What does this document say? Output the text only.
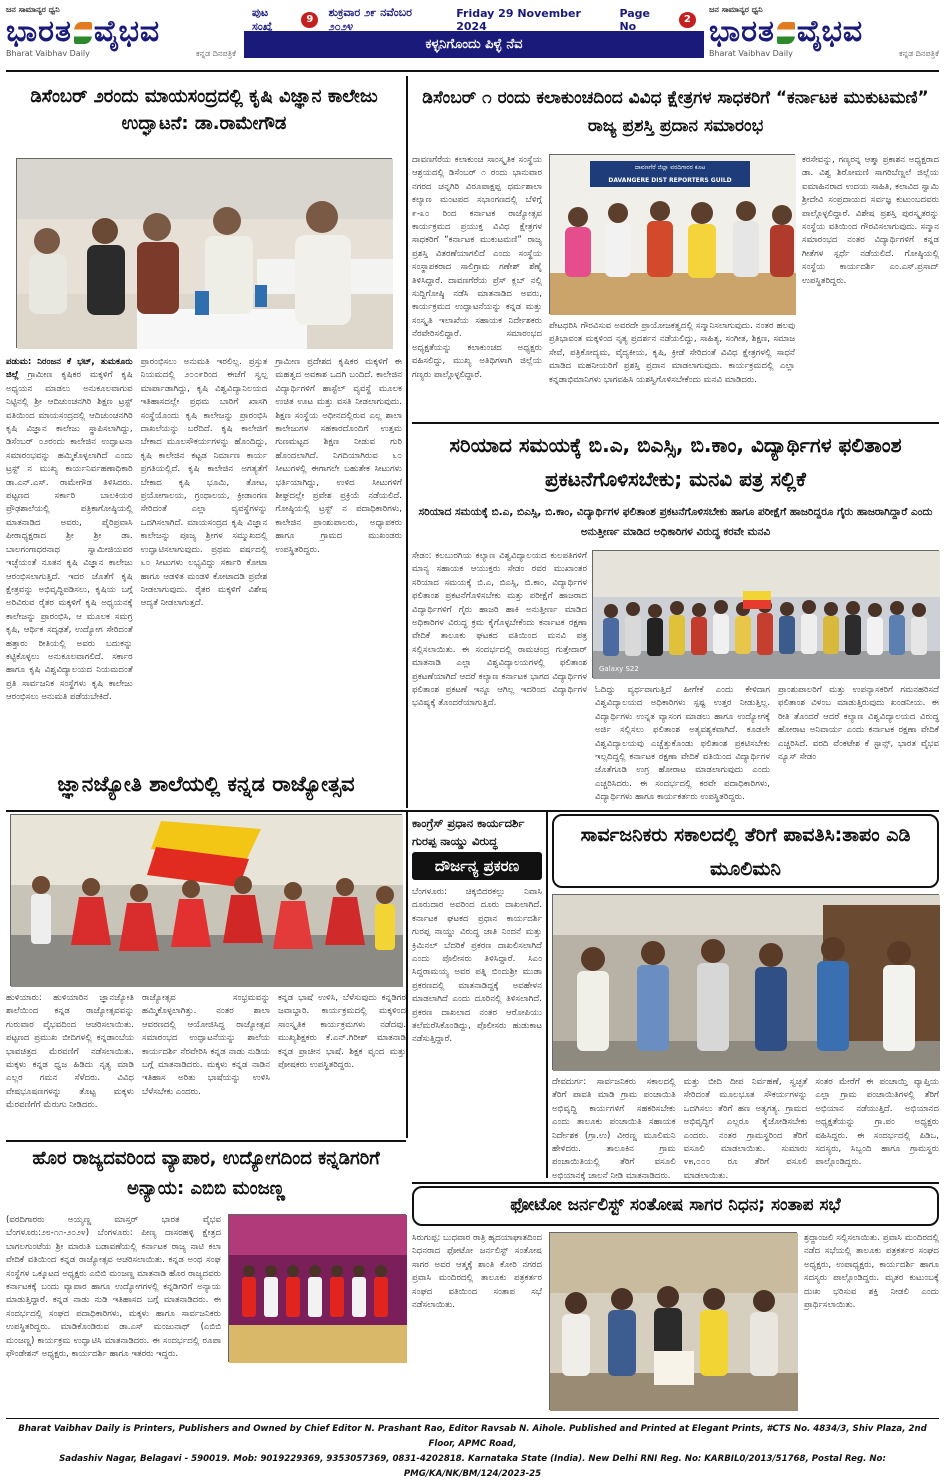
ಜನ ಸಾಮಾನ್ಯರ ಧ್ವನಿ
ಭಾರತ ವೈಭವ
Bharat Vaibhav Daily	ಕನ್ನಡ ದಿನಪತ್ರಿಕೆ
ಪುಟ ಸಂಖ್ಯೆ
9
ಶುಕ್ರವಾರ ೨೯ ನವೆಂಬರ ೨೦೨೪
Friday 29 November 2024
Page No
2
ಕಳ್ಳನಿಗೊಂದು ಪಿಳ್ಳೆ ನೆವ
ಜನ ಸಾಮಾನ್ಯರ ಧ್ವನಿ
ಭಾರತ ವೈಭವ
Bharat Vaibhav Daily	ಕನ್ನಡ ದಿನಪತ್ರಿಕೆ
ಡಿಸೆಂಬರ್ ೨ರಂದು ಮಾಯಸಂದ್ರದಲ್ಲಿ ಕೃಷಿ ವಿಜ್ಞಾನ ಕಾಲೇಜು ಉದ್ಘಾಟನೆ: ಡಾ.ರಾಮೇಗೌಡ
ಪಡುಮ: ನಿರಂಜನ ಕೆ ಭಟ್, ತುಮಕೂರು ಜಿಲ್ಲೆ ಗ್ರಾಮೀಣ ಕೃಷಿಕರ ಮಕ್ಕಳಿಗೆ ಕೃಷಿ ಅಧ್ಯಯನ ಮಾಡಲು ಅನುಕೂಲವಾಗುವ ನಿಟ್ಟಿನಲ್ಲಿ ಶ್ರೀ ಆದಿಚುಂಚನಗಿರಿ ಶಿಕ್ಷಣ ಟ್ರಸ್ಟ್ ವತಿಯಿಂದ ಮಾಯಸಂದ್ರದಲ್ಲಿ ಆದಿಚುಂಚನಗಿರಿ ಕೃಷಿ ವಿಜ್ಞಾನ ಕಾಲೇಜು ಸ್ಥಾಪಿಸಲಾಗಿದ್ದು, ಡಿಸೆಂಬರ್ ೦೨ರಂದು ಕಾಲೇಜಿನ ಉದ್ಘಾಟನಾ ಸಮಾರಂಭವನ್ನು ಹಮ್ಮಿಕೊಳ್ಳಲಾಗಿದೆ ಎಂದು ಟ್ರಸ್ಟ್ ನ ಮುಖ್ಯ ಕಾರ್ಯನಿರ್ವಹಣಾಧಿಕಾರಿ ಡಾ.ಎನ್.ಎಸ್. ರಾಮೇಗೌಡ ತಿಳಿಸಿದರು. ಪಟ್ಟಣದ ಸರ್ಕಾರಿ ಬಾಲಕಿಯರ ಪ್ರೌಢಶಾಲೆಯಲ್ಲಿ ಪತ್ರಿಕಾಗೋಷ್ಠಿಯಲ್ಲಿ ಮಾತನಾಡಿದ ಅವರು, ಪೈರಿಪ್ರವಾಸಿ ಪೀಠಾಧ್ಯಕ್ಷರಾದ ಶ್ರೀ ಶ್ರೀ ಡಾ. ಬಾಲಗಂಗಾಧರನಾಥ ಸ್ವಾಮೀಜಿಯವರ ಇಚ್ಛೆಯಂತೆ ನೂತನ ಕೃಷಿ ವಿಜ್ಞಾನ ಕಾಲೇಜು ಆರಂಭಿಸಲಾಗುತ್ತಿದೆ. ಇದರ ಜೊತೆಗೆ ಕೃಷಿ ಕ್ಷೇತ್ರವನ್ನು ಅಭಿವೃದ್ಧಿಪಡಿಸಲು, ಕೃಷಿಯ ಬಗ್ಗೆ ಅರಿವಿರುವ ರೈತರ ಮಕ್ಕಳಿಗೆ ಕೃಷಿ ಅಧ್ಯಯನಕ್ಕೆ ಕಾಲೇಜನ್ನು ಪ್ರಾರಂಭಿಸಿ, ಆ ಮೂಲಕ ಸಮಗ್ರ ಕೃಷಿ, ಆರ್ಥಿಕ ಸದೃಢತೆ, ಉದ್ಯೋಗ ಸೇರಿದಂತೆ ಹತ್ತಾರು ರೀತಿಯಲ್ಲಿ ಅವರು ಬದುಕನ್ನು ಕಟ್ಟಿಕೊಳ್ಳಲು ಅನುಕೂಲವಾಗಲಿದೆ. ಸರ್ಕಾರ ಹಾಗೂ ಕೃಷಿ ವಿಶ್ವವಿದ್ಯಾಲಯದ ನಿಯಮದಂತೆ ಪ್ರತಿ ಸಾರ್ವಜನಿಕ ಸಂಸ್ಥೆಗಳು ಕೃಷಿ ಕಾಲೇಜು ಆರಂಭಿಸಲು ಅನುಮತಿ ಪಡೆಯಬೇಕಿದೆ.
ಪ್ರಾರಂಭಿಸಲು ಅನುಮತಿ ಇರಲಿಲ್ಲ. ಪ್ರಸ್ತುತ ನಿಯಮದಲ್ಲಿ ೨೦೦೯ರಿಂದ ಈಚೆಗೆ ಸ್ವಲ್ಪ ಮಾರ್ಪಾಡಾಗಿದ್ದು, ಕೃಷಿ ವಿಶ್ವವಿದ್ಯಾನಿಲಯದ ಇತಿಹಾಸದಲ್ಲೇ ಪ್ರಥಮ ಬಾರಿಗೆ ಖಾಸಗಿ ಸಂಸ್ಥೆಯೊಂದು ಕೃಷಿ ಕಾಲೇಜನ್ನು ಪ್ರಾರಂಭಿಸಿ ದಾಖಲೆಯನ್ನು ಬರೆದಿದೆ. ಕೃಷಿ ಕಾಲೇಜಿಗೆ ಬೇಕಾದ ಮೂಲಸೌಕರ್ಯಗಳನ್ನು ಹೊಂದಿದ್ದು, ಕೃಷಿ ಕಾಲೇಜಿನ ಕಟ್ಟಡ ನಿರ್ಮಾಣ ಕಾರ್ಯ ಪ್ರಗತಿಯಲ್ಲಿದೆ. ಕೃಷಿ ಕಾಲೇಜಿನ ಅಗತ್ಯತೆಗೆ ಬೇಕಾದ ಕೃಷಿ ಭೂಮಿ, ತೋಟ, ಪ್ರಯೋಗಾಲಯ, ಗ್ರಂಥಾಲಯ, ಕ್ರೀಡಾಂಗಣ ಸೇರಿದಂತೆ ಎಲ್ಲಾ ವ್ಯವಸ್ಥೆಗಳನ್ನು ಒದಗಿಸಲಾಗಿದೆ. ಮಾಯಸಂದ್ರದ ಕೃಷಿ ವಿಜ್ಞಾನ ಕಾಲೇಜನ್ನು ಪೂಜ್ಯ ಶ್ರೀಗಳ ಸಮ್ಮುಖದಲ್ಲಿ ಉದ್ಘಾಟಿಸಲಾಗುವುದು. ಪ್ರಥಮ ವರ್ಷದಲ್ಲಿ ೬೦ ಸೀಟುಗಳು ಲಭ್ಯವಿದ್ದು ಸರ್ಕಾರಿ ಕೋಟಾ ಹಾಗೂ ಆಡಳಿತ ಮಂಡಳಿ ಕೋಟಾದಡಿ ಪ್ರವೇಶ ನೀಡಲಾಗುವುದು. ರೈತರ ಮಕ್ಕಳಿಗೆ ವಿಶೇಷ ಆದ್ಯತೆ ನೀಡಲಾಗುತ್ತದೆ.
ಗ್ರಾಮೀಣ ಪ್ರದೇಶದ ಕೃಷಿಕರ ಮಕ್ಕಳಿಗೆ ಈ ಮಹತ್ವದ ಅವಕಾಶ ಒದಗಿ ಬಂದಿದೆ. ಕಾಲೇಜಿನ ವಿದ್ಯಾರ್ಥಿಗಳಿಗೆ ಹಾಸ್ಟೆಲ್ ವ್ಯವಸ್ಥೆ ಮೂಲಕ ಉಚಿತ ಊಟ ಮತ್ತು ವಸತಿ ನೀಡಲಾಗುವುದು. ಶಿಕ್ಷಣ ಸಂಸ್ಥೆಯ ಅಧೀನದಲ್ಲಿರುವ ಎಲ್ಲ ಶಾಲಾ ಕಾಲೇಜುಗಳ ಸಹಕಾರದೊಂದಿಗೆ ಉತ್ತಮ ಗುಣಮಟ್ಟದ ಶಿಕ್ಷಣ ನೀಡುವ ಗುರಿ ಹೊಂದಲಾಗಿದೆ. ನಿಗದಿಯಾಗಿರುವ ೬೦ ಸೀಟುಗಳಲ್ಲಿ ಈಗಾಗಲೇ ಬಹುತೇಕ ಸೀಟುಗಳು ಭರ್ತಿಯಾಗಿದ್ದು, ಉಳಿದ ಸೀಟುಗಳಿಗೆ ಶೀಘ್ರದಲ್ಲೇ ಪ್ರವೇಶ ಪ್ರಕ್ರಿಯೆ ನಡೆಯಲಿದೆ. ಗೋಷ್ಠಿಯಲ್ಲಿ ಟ್ರಸ್ಟ್ ನ ಪದಾಧಿಕಾರಿಗಳು, ಕಾಲೇಜಿನ ಪ್ರಾಂಶುಪಾಲರು, ಅಧ್ಯಾಪಕರು ಹಾಗೂ ಗ್ರಾಮದ ಮುಖಂಡರು ಉಪಸ್ಥಿತರಿದ್ದರು.
ಡಿಸೆಂಬರ್ ೧ ರಂದು ಕಲಾಕುಂಚದಿಂದ ವಿವಿಧ ಕ್ಷೇತ್ರಗಳ ಸಾಧಕರಿಗೆ “ಕರ್ನಾಟಕ ಮುಕುಟಮಣಿ” ರಾಜ್ಯ ಪ್ರಶಸ್ತಿ ಪ್ರದಾನ ಸಮಾರಂಭ
ದಾವಣಗೆರೆಯ ಕಲಾಕುಂಚ ಸಾಂಸ್ಕೃತಿಕ ಸಂಸ್ಥೆಯ ಆಶ್ರಯದಲ್ಲಿ ಡಿಸೆಂಬರ್ ೧ ರಂದು ಭಾನುವಾರ ನಗರದ ಚನ್ನಗಿರಿ ವಿರೂಪಾಕ್ಷಪ್ಪ ಧರ್ಮಶಾಲಾ ಕಲ್ಯಾಣ ಮಂಟಪದ ಸಭಾಂಗಣದಲ್ಲಿ ಬೆಳಿಗ್ಗೆ ೯-೩೦ ರಿಂದ ಕರ್ನಾಟಕ ರಾಜ್ಯೋತ್ಸವ ಕಾರ್ಯಕ್ರಮದ ಪ್ರಯುಕ್ತ ವಿವಿಧ ಕ್ಷೇತ್ರಗಳ ಸಾಧಕರಿಗೆ “ಕರ್ನಾಟಕ ಮುಕುಟಮಣಿ” ರಾಜ್ಯ ಪ್ರಶಸ್ತಿ ವಿತರಣೆಯಾಗಲಿದೆ ಎಂದು ಸಂಸ್ಥೆಯ ಸಂಸ್ಥಾಪಕರಾದ ಸಾಲಿಗ್ರಾಮ ಗಣೇಶ್ ಶೆಣೈ ತಿಳಿಸಿದ್ದಾರೆ. ದಾವಣಗೆರೆಯ ಪ್ರೆಸ್ ಕ್ಲಬ್ ನಲ್ಲಿ ಸುದ್ದಿಗೋಷ್ಠಿ ನಡೆಸಿ ಮಾತನಾಡಿದ ಅವರು, ಕಾರ್ಯಕ್ರಮದ ಉದ್ಘಾಟನೆಯನ್ನು ಕನ್ನಡ ಮತ್ತು ಸಂಸ್ಕೃತಿ ಇಲಾಖೆಯ ಸಹಾಯಕ ನಿರ್ದೇಶಕರು ನೆರವೇರಿಸಲಿದ್ದಾರೆ. ಸಮಾರಂಭದ ಅಧ್ಯಕ್ಷತೆಯನ್ನು ಕಲಾಕುಂಚದ ಅಧ್ಯಕ್ಷರು ವಹಿಸಲಿದ್ದು, ಮುಖ್ಯ ಅತಿಥಿಗಳಾಗಿ ಜಿಲ್ಲೆಯ ಗಣ್ಯರು ಪಾಲ್ಗೊಳ್ಳಲಿದ್ದಾರೆ.
ದಾವಣಗೆರೆ ಜಿಲ್ಲಾ ವರದಿಗಾರರ ಕೂಟ
DAVANGERE DIST REPORTERS GUILD
ಪೇಟಧರಿಸಿ ಗೌರವಿಸುವ ಅವರದೇ ಪ್ರಾಯೋಜಕತ್ವದಲ್ಲಿ ಸನ್ಮಾನಿಸಲಾಗುವುದು. ನಂತರ ಹಲವು ಪ್ರತಿಭಾವಂತ ಮಕ್ಕಳಿಂದ ನೃತ್ಯ ಪ್ರದರ್ಶನ ನಡೆಯಲಿದ್ದು, ಸಾಹಿತ್ಯ, ಸಂಗೀತ, ಶಿಕ್ಷಣ, ಸಮಾಜ ಸೇವೆ, ಪತ್ರಿಕೋದ್ಯಮ, ವೈದ್ಯಕೀಯ, ಕೃಷಿ, ಕ್ರೀಡೆ ಸೇರಿದಂತೆ ವಿವಿಧ ಕ್ಷೇತ್ರಗಳಲ್ಲಿ ಸಾಧನೆ ಮಾಡಿದ ಮಹನೀಯರಿಗೆ ಪ್ರಶಸ್ತಿ ಪ್ರದಾನ ಮಾಡಲಾಗುವುದು. ಕಾರ್ಯಕ್ರಮದಲ್ಲಿ ಎಲ್ಲಾ ಕನ್ನಡಾಭಿಮಾನಿಗಳು ಭಾಗವಹಿಸಿ ಯಶಸ್ವಿಗೊಳಿಸಬೇಕೆಂದು ಮನವಿ ಮಾಡಿದರು.
ಕರಸೇವನ್ನು, ಗಣ್ಯರನ್ನ ಆತ್ಮಾ ಪ್ರಕಾಶನ ಅಧ್ಯಕ್ಷರಾದ ಡಾ. ವಿಶ್ವ ಶಿರೋಮಣಿ ಸಾಗರಿಬೆಣ್ಣಲೆ ಜಿಲ್ಲೆಯ ಐಮಾಹಿನರಾದ ಉದಯ ಸಾಹಿತಿ, ಕಲಾವಿದ ಸ್ವಾಮಿ ಶ್ರೀದೇವಿ ಸಂಪ್ರದಾಯದ ಸರ್ವಜ್ಞ ಕುಟುಂಬದವರು ಪಾಲ್ಗೊಳ್ಳಲಿದ್ದಾರೆ. ವಿಶೇಷ ಪ್ರಶಸ್ತಿ ಪುರಸ್ಕೃತರನ್ನು ಸಂಸ್ಥೆಯ ವತಿಯಿಂದ ಗೌರವಿಸಲಾಗುವುದು. ಸನ್ಮಾನ ಸಮಾರಂಭದ ನಂತರ ವಿದ್ಯಾರ್ಥಿಗಳಿಗೆ ಕನ್ನಡ ಗೀತೆಗಳ ಸ್ಪರ್ಧೆ ನಡೆಯಲಿದೆ. ಗೋಷ್ಠಿಯಲ್ಲಿ ಸಂಸ್ಥೆಯ ಕಾರ್ಯದರ್ಶಿ ಎಂ.ಎಸ್.ಪ್ರಸಾದ್ ಉಪಸ್ಥಿತರಿದ್ದರು.
ಸರಿಯಾದ ಸಮಯಕ್ಕೆ ಬಿ.ಎ, ಬಿಎಸ್ಸಿ, ಬಿ.ಕಾಂ, ವಿದ್ಯಾರ್ಥಿಗಳ ಫಲಿತಾಂಶ ಪ್ರಕಟನೆಗೊಳಿಸಬೇಕು; ಮನವಿ ಪತ್ರ ಸಲ್ಲಿಕೆ
ಸರಿಯಾದ ಸಮಯಕ್ಕೆ ಬಿ.ಎ, ಬಿಎಸ್ಸಿ, ಬಿ.ಕಾಂ, ವಿದ್ಯಾರ್ಥಿಗಳ ಫಲಿತಾಂಶ ಪ್ರಕಟನೆಗೊಳಿಸಬೇಕು ಹಾಗೂ ಪರೀಕ್ಷೆಗೆ ಹಾಜರಿದ್ದರೂ ಗೈರು ಹಾಜರಾಗಿದ್ದಾರೆ ಎಂದು ಅನುತ್ತೀರ್ಣ ಮಾಡಿದ ಅಧಿಕಾರಿಗಳ ವಿರುದ್ಧ ಕರವೇ ಮನವಿ
ಸೇಡಂ: ಕಲಬುರಗಿಯ ಕಲ್ಯಾಣ ವಿಶ್ವವಿದ್ಯಾಲಯದ ಕುಲಪತಿಗಳಿಗೆ ಮಾನ್ಯ ಸಹಾಯಕ ಆಯುಕ್ತರು ಸೇಡಂ ರವರ ಮುಖಾಂತರ ಸರಿಯಾದ ಸಮಯಕ್ಕೆ ಬಿ.ಎ, ಬಿಎಸ್ಸಿ, ಬಿ.ಕಾಂ, ವಿದ್ಯಾರ್ಥಿಗಳ ಫಲಿತಾಂಶ ಪ್ರಕಟನೆಗೊಳಿಸಬೇಕು ಮತ್ತು ಪರೀಕ್ಷೆಗೆ ಹಾಜರಾದ ವಿದ್ಯಾರ್ಥಿಗಳಿಗೆ ಗೈರು ಹಾಜರಿ ಹಾಕಿ ಅನುತ್ತೀರ್ಣ ಮಾಡಿದ ಅಧಿಕಾರಿಗಳ ವಿರುದ್ಧ ಕ್ರಮ ಕೈಗೊಳ್ಳಬೇಕೆಂದು ಕರ್ನಾಟಕ ರಕ್ಷಣಾ ವೇದಿಕೆ ತಾಲೂಕು ಘಟಕದ ವತಿಯಿಂದ ಮನವಿ ಪತ್ರ ಸಲ್ಲಿಸಲಾಯಿತು. ಈ ಸಂದರ್ಭದಲ್ಲಿ ರಾಮಚಂದ್ರ ಗುತ್ತೇದಾರ್ ಮಾತನಾಡಿ ಎಲ್ಲಾ ವಿಶ್ವವಿದ್ಯಾಲಯಗಳಲ್ಲಿ ಫಲಿತಾಂಶ ಪ್ರಕಟಣೆಯಾಗಿದೆ ಆದರೆ ಕಲ್ಯಾಣ ಕರ್ನಾಟಕ ಭಾಗದ ವಿದ್ಯಾರ್ಥಿಗಳ ಫಲಿತಾಂಶ ಪ್ರಕಟಣೆ ಇನ್ನೂ ಆಗಿಲ್ಲ ಇದರಿಂದ ವಿದ್ಯಾರ್ಥಿಗಳ ಭವಿಷ್ಯಕ್ಕೆ ತೊಂದರೆಯಾಗುತ್ತಿದೆ.
Galaxy S22
ಓದಿದ್ದು ವ್ಯರ್ಥವಾಗುತ್ತಿದೆ ಹೀಗೇಕೆ ಎಂದು ಕೇಳಿದಾಗ ವಿಶ್ವವಿದ್ಯಾಲಯದ ಅಧಿಕಾರಿಗಳು ಸ್ಪಷ್ಟ ಉತ್ತರ ನೀಡುತ್ತಿಲ್ಲ. ವಿದ್ಯಾರ್ಥಿಗಳು ಉನ್ನತ ವ್ಯಾಸಂಗ ಮಾಡಲು ಹಾಗೂ ಉದ್ಯೋಗಕ್ಕೆ ಅರ್ಜಿ ಸಲ್ಲಿಸಲು ಫಲಿತಾಂಶ ಅತ್ಯವಶ್ಯಕವಾಗಿದೆ. ಕೂಡಲೇ ವಿಶ್ವವಿದ್ಯಾಲಯವು ಎಚ್ಚೆತ್ತುಕೊಂಡು ಫಲಿತಾಂಶ ಪ್ರಕಟಿಸಬೇಕು ಇಲ್ಲದಿದ್ದಲ್ಲಿ ಕರ್ನಾಟಕ ರಕ್ಷಣಾ ವೇದಿಕೆ ವತಿಯಿಂದ ವಿದ್ಯಾರ್ಥಿಗಳ ಜೊತೆಗೂಡಿ ಉಗ್ರ ಹೋರಾಟ ಮಾಡಲಾಗುವುದು ಎಂದು ಎಚ್ಚರಿಸಿದರು. ಈ ಸಂದರ್ಭದಲ್ಲಿ ಕರವೇ ಪದಾಧಿಕಾರಿಗಳು, ವಿದ್ಯಾರ್ಥಿಗಳು ಹಾಗೂ ಕಾರ್ಯಕರ್ತರು ಉಪಸ್ಥಿತರಿದ್ದರು.
ಪ್ರಾಂಶುಪಾಲರಿಗೆ ಮತ್ತು ಉಪನ್ಯಾಸಕರಿಗೆ ಗಮನಹರಿಸದೆ ಫಲಿತಾಂಶ ವಿಳಂಬ ಮಾಡುತ್ತಿರುವುದು ಖಂಡನೀಯ. ಈ ರೀತಿ ತೊಂದರೆ ಆದರೆ ಕಲ್ಯಾಣ ವಿಶ್ವವಿದ್ಯಾಲಯದ ವಿರುದ್ಧ ಹೋರಾಟ ಅನಿವಾರ್ಯ ಎಂದು ಕರ್ನಾಟಕ ರಕ್ಷಣಾ ವೇದಿಕೆ ಎಚ್ಚರಿಸಿದೆ. ವರದಿ ವೆಂಕಟೇಶ ಕೆ ಸ್ಟಾನ್ಸ್, ಭಾರತ ವೈಭವ ನ್ಯೂಸ್ ಸೇಡಂ
ಜ್ಞಾನಜ್ಯೋತಿ ಶಾಲೆಯಲ್ಲಿ ಕನ್ನಡ ರಾಜ್ಯೋತ್ಸವ
ಹುಳಿಯಾರು: ಹುಳಿಯಾರಿನ ಜ್ಞಾನಜ್ಯೋತಿ ಶಾಲೆಯಿಂದ ಕನ್ನಡ ರಾಜ್ಯೋತ್ಸವವನ್ನು ಗುರುವಾರ ವೈಭವದಿಂದ ಆಚರಿಸಲಾಯಿತು. ಪಟ್ಟಣದ ಪ್ರಮುಖ ಬೀದಿಗಳಲ್ಲಿ ಕನ್ನಡಾಂಬೆಯ ಭಾವಚಿತ್ರದ ಮೆರವಣಿಗೆ ನಡೆಸಲಾಯಿತು. ಮಕ್ಕಳು ಕನ್ನಡ ಧ್ವಜ ಹಿಡಿದು ನೃತ್ಯ ಮಾಡಿ ಎಲ್ಲರ ಗಮನ ಸೆಳೆದರು. ವಿವಿಧ ವೇಷಭೂಷಣಗಳನ್ನು ತೊಟ್ಟ ಮಕ್ಕಳು ಮೆರವಣಿಗೆಗೆ ಮೆರುಗು ನೀಡಿದರು.
ರಾಜ್ಯೋತ್ಸವ ಸಂಭ್ರಮವನ್ನು ಹಮ್ಮಿಕೊಳ್ಳಲಾಗಿತ್ತು. ನಂತರ ಶಾಲಾ ಆವರಣದಲ್ಲಿ ಆಯೋಜಿಸಿದ್ದ ರಾಜ್ಯೋತ್ಸವ ಸಮಾರಂಭದ ಉದ್ಘಾಟನೆಯನ್ನು ಶಾಲೆಯ ಕಾರ್ಯದರ್ಶಿ ನೆರವೇರಿಸಿ ಕನ್ನಡ ನಾಡು ನುಡಿಯ ಬಗ್ಗೆ ಮಾತನಾಡಿದರು. ಮಕ್ಕಳು ಕನ್ನಡ ನಾಡಿನ ಇತಿಹಾಸ ಅರಿತು ಭಾಷೆಯನ್ನು ಉಳಿಸಿ ಬೆಳೆಸಬೇಕು ಎಂದರು.
ಕನ್ನಡ ಭಾಷೆ ಉಳಿಸಿ, ಬೆಳೆಸುವುದು ಕನ್ನಡಿಗರ ಜವಾಬ್ದಾರಿ. ಕಾರ್ಯಕ್ರಮದಲ್ಲಿ ಮಕ್ಕಳಿಂದ ಸಾಂಸ್ಕೃತಿಕ ಕಾರ್ಯಕ್ರಮಗಳು ನಡೆದವು. ಮುಖ್ಯಶಿಕ್ಷಕರು ಕೆ.ಎನ್.ಗಿರೀಶ್ ಮಾತನಾಡಿ ಕನ್ನಡ ಪ್ರಾಚೀನ ಭಾಷೆ. ಶಿಕ್ಷಕ ವೃಂದ ಮತ್ತು ಪೋಷಕರು ಉಪಸ್ಥಿತರಿದ್ದರು.
ಕಾಂಗ್ರೆಸ್ ಪ್ರಧಾನ ಕಾರ್ಯದರ್ಶಿ ಗುರಪ್ಪ ನಾಯ್ಡು ವಿರುದ್ಧ
ದೌರ್ಜನ್ಯ ಪ್ರಕರಣ
ಬೆಂಗಳೂರು: ಚಿಕ್ಕಬಿದರಕಲ್ಲು ನಿವಾಸಿ ದೂರುದಾರ ಅವರಿಂದ ದೂರು ದಾಖಲಾಗಿದೆ. ಕರ್ನಾಟಕ ಘಟಕದ ಪ್ರಧಾನ ಕಾರ್ಯದರ್ಶಿ ಗುರಪ್ಪ ನಾಯ್ಡು ವಿರುದ್ಧ ಜಾತಿ ನಿಂದನೆ ಮತ್ತು ಕ್ರಿಮಿನಲ್ ಬೆದರಿಕೆ ಪ್ರಕರಣ ದಾಖಲಿಸಲಾಗಿದೆ ಎಂದು ಪೊಲೀಸರು ತಿಳಿಸಿದ್ದಾರೆ. ಸಿಎಂ ಸಿದ್ದರಾಮಯ್ಯ ಅವರ ಪತ್ನಿ ಬಿಂದುಶ್ರೀ ಮುಡಾ ಪ್ರಕರಣದಲ್ಲಿ ಮಾತನಾಡಿದ್ದಕ್ಕೆ ಅವಹೇಳನ ಮಾಡಲಾಗಿದೆ ಎಂದು ದೂರಿನಲ್ಲಿ ತಿಳಿಸಲಾಗಿದೆ. ಪ್ರಕರಣ ದಾಖಲಾದ ನಂತರ ಆರೋಪಿಯು ತಲೆಮರೆಸಿಕೊಂಡಿದ್ದು, ಪೊಲೀಸರು ಹುಡುಕಾಟ ನಡೆಸುತ್ತಿದ್ದಾರೆ.
ಸಾರ್ವಜನಿಕರು ಸಕಾಲದಲ್ಲಿ ತೆರಿಗೆ ಪಾವತಿಸಿ:ತಾಪಂ ಎಡಿ ಮೂಲಿಮನಿ
ದೇವದುರ್ಗ: ಸಾರ್ವಜನಿಕರು ಸಕಾಲದಲ್ಲಿ ತೆರಿಗೆ ಪಾವತಿ ಮಾಡಿ ಗ್ರಾಮ ಪಂಚಾಯಿತಿ ಅಭಿವೃದ್ಧಿ ಕಾರ್ಯಗಳಿಗೆ ಸಹಕರಿಸಬೇಕು ಎಂದು ತಾಲೂಕು ಪಂಚಾಯಿತಿ ಸಹಾಯಕ ನಿರ್ದೇಶಕ (ಗ್ರಾ.ಉ) ವೀರಣ್ಣ ಮೂಲಿಮನಿ ಹೇಳಿದರು. ತಾಲೂಕಿನ ಗ್ರಾಮ ಪಂಚಾಯಿತಿಯಲ್ಲಿ ತೆರಿಗೆ ವಸೂಲಿ ಅಭಿಯಾನಕ್ಕೆ ಚಾಲನೆ ನೀಡಿ ಮಾತನಾಡಿದರು.
ಮತ್ತು ಬೀದಿ ದೀಪ ನಿರ್ವಹಣೆ, ಸ್ವಚ್ಛತೆ ಸೇರಿದಂತೆ ಮೂಲಭೂತ ಸೌಕರ್ಯಗಳನ್ನು ಒದಗಿಸಲು ತೆರಿಗೆ ಹಣ ಅತ್ಯಗತ್ಯ. ಗ್ರಾಮದ ಅಭಿವೃದ್ಧಿಗೆ ಎಲ್ಲರೂ ಕೈಜೋಡಿಸಬೇಕು ಎಂದರು. ನಂತರ ಗ್ರಾಮಸ್ಥರಿಂದ ತೆರಿಗೆ ವಸೂಲಿ ಮಾಡಲಾಯಿತು. ಸುಮಾರು ೪೫,೦೦೦ ರೂ ತೆರಿಗೆ ವಸೂಲಿ ಮಾಡಲಾಯಿತು.
ಸಂತರ ಮೇರೆಗೆ ಈ ಪಂಚಾಯ್ತಿ ವ್ಯಾಪ್ತಿಯ ಎಲ್ಲಾ ಗ್ರಾಮ ಪಂಚಾಯಿತಿಗಳಲ್ಲಿ ತೆರಿಗೆ ಅಭಿಯಾನ ನಡೆಯುತ್ತಿದೆ. ಅಭಿಯಾನದ ಅಧ್ಯಕ್ಷತೆಯನ್ನು ಗ್ರಾ.ಪಂ ಅಧ್ಯಕ್ಷರು ವಹಿಸಿದ್ದರು. ಈ ಸಂದರ್ಭದಲ್ಲಿ ಪಿಡಿಒ, ಸದಸ್ಯರು, ಸಿಬ್ಬಂದಿ ಹಾಗೂ ಗ್ರಾಮಸ್ಥರು ಪಾಲ್ಗೊಂಡಿದ್ದರು.
ಹೊರ ರಾಜ್ಯದವರಿಂದ ವ್ಯಾಪಾರ, ಉದ್ಯೋಗದಿಂದ ಕನ್ನಡಿಗರಿಗೆ ಅನ್ಯಾಯ: ಎಬಿಬಿ ಮಂಜಣ್ಣ
(ವರದಿಗಾರರು ಅಯ್ಯಣ್ಣ ಮಾಸ್ತರ್ ಭಾರತ ವೈಭವ ಬೆಂಗಳೂರು:೨೮-೧೧-೨೦೨೪) ಬೆಂಗಳೂರು: ಪೀಣ್ಯ ದಾಸರಹಳ್ಳಿ ಕ್ಷೇತ್ರದ ಬಾಗಲಗುಂಟೆಯ ಶ್ರೀ ಮಾರುತಿ ಬಡಾವಣೆಯಲ್ಲಿ ಕರ್ನಾಟಕ ರಾಜ್ಯ ನಾಟಿ ಕಲಾ ವೇದಿಕೆ ವತಿಯಿಂದ ಕನ್ನಡ ರಾಜ್ಯೋತ್ಸವ ಆಚರಿಸಲಾಯಿತು. ಕನ್ನಡ ಅಂಥ ಸಂಘ ಸಂಸ್ಥೆಗಳ ಒಕ್ಕೂಟದ ಅಧ್ಯಕ್ಷರು ಎಬಿಬಿ ಮಂಜಣ್ಣ ಮಾತನಾಡಿ ಹೊರ ರಾಜ್ಯದವರು ಕರ್ನಾಟಕಕ್ಕೆ ಬಂದು ವ್ಯಾಪಾರ ಹಾಗೂ ಉದ್ಯೋಗಗಳಲ್ಲಿ ಕನ್ನಡಿಗರಿಗೆ ಅನ್ಯಾಯ ಮಾಡುತ್ತಿದ್ದಾರೆ. ಕನ್ನಡ ನಾಡು ನುಡಿ ಇತಿಹಾಸದ ಬಗ್ಗೆ ಮಾತನಾಡಿದರು. ಈ ಸಂದರ್ಭದಲ್ಲಿ ಸಂಘದ ಪದಾಧಿಕಾರಿಗಳು, ಮಕ್ಕಳು ಹಾಗೂ ಸಾರ್ವಜನಿಕರು ಉಪಸ್ಥಿತರಿದ್ದರು. ಮಾಡಿಕೊಂಡಿರುವ ಡಾ.ಎಸ್ ಮಂಜುನಾಥ್ (ಎಬಿಬಿ ಮಂಜಣ್ಣ) ಕಾರ್ಯಕ್ರಮ ಉದ್ಘಾಟಿಸಿ ಮಾತನಾಡಿದರು. ಈ ಸಂದರ್ಭದಲ್ಲಿ ರೂಪಾ ಫೌಂಡೇಶನ್ ಅಧ್ಯಕ್ಷರು, ಕಾರ್ಯದರ್ಶಿ ಹಾಗೂ ಇತರರು ಇದ್ದರು.
ಫೋಟೋ ಜರ್ನಲಿಸ್ಟ್ ಸಂತೋಷ ಸಾಗರ ನಿಧನ; ಸಂತಾಪ ಸಭೆ
ಸಿರುಗುಪ್ಪ: ಬುಧವಾರ ರಾತ್ರಿ ಹೃದಯಾಘಾತದಿಂದ ನಿಧನರಾದ ಫೋಟೋ ಜರ್ನಲಿಸ್ಟ್ ಸಂತೋಷ ಸಾಗರ ಅವರ ಆತ್ಮಕ್ಕೆ ಶಾಂತಿ ಕೋರಿ ನಗರದ ಪ್ರವಾಸಿ ಮಂದಿರದಲ್ಲಿ ತಾಲೂಕು ಪತ್ರಕರ್ತರ ಸಂಘದ ವತಿಯಿಂದ ಸಂತಾಪ ಸಭೆ ನಡೆಸಲಾಯಿತು.
ಶ್ರದ್ಧಾಂಜಲಿ ಸಲ್ಲಿಸಲಾಯಿತು. ಪ್ರವಾಸಿ ಮಂದಿರದಲ್ಲಿ ನಡೆದ ಸಭೆಯಲ್ಲಿ ತಾಲೂಕು ಪತ್ರಕರ್ತರ ಸಂಘದ ಅಧ್ಯಕ್ಷರು, ಉಪಾಧ್ಯಕ್ಷರು, ಕಾರ್ಯದರ್ಶಿ ಹಾಗೂ ಸದಸ್ಯರು ಪಾಲ್ಗೊಂಡಿದ್ದರು. ಮೃತರ ಕುಟುಂಬಕ್ಕೆ ದುಃಖ ಭರಿಸುವ ಶಕ್ತಿ ನೀಡಲಿ ಎಂದು ಪ್ರಾರ್ಥಿಸಲಾಯಿತು.
Bharat Vaibhav Daily is Printers, Publishers and Owned by Chief Editor N. Prashant Rao, Editor Ravsab N. Aihole. Published and Printed at Elegant Prints, #CTS No. 4834/3, Shiv Plaza, 2nd Floor, APMC Road,
Sadashiv Nagar, Belagavi - 590019. Mob: 9019229369, 9353057369, 0831-4202818. Karnataka State (India). New Delhi RNI Reg. No: KARBIL0/2013/51768, Postal Reg. No: PMG/KA/NK/BM/124/2023-25
